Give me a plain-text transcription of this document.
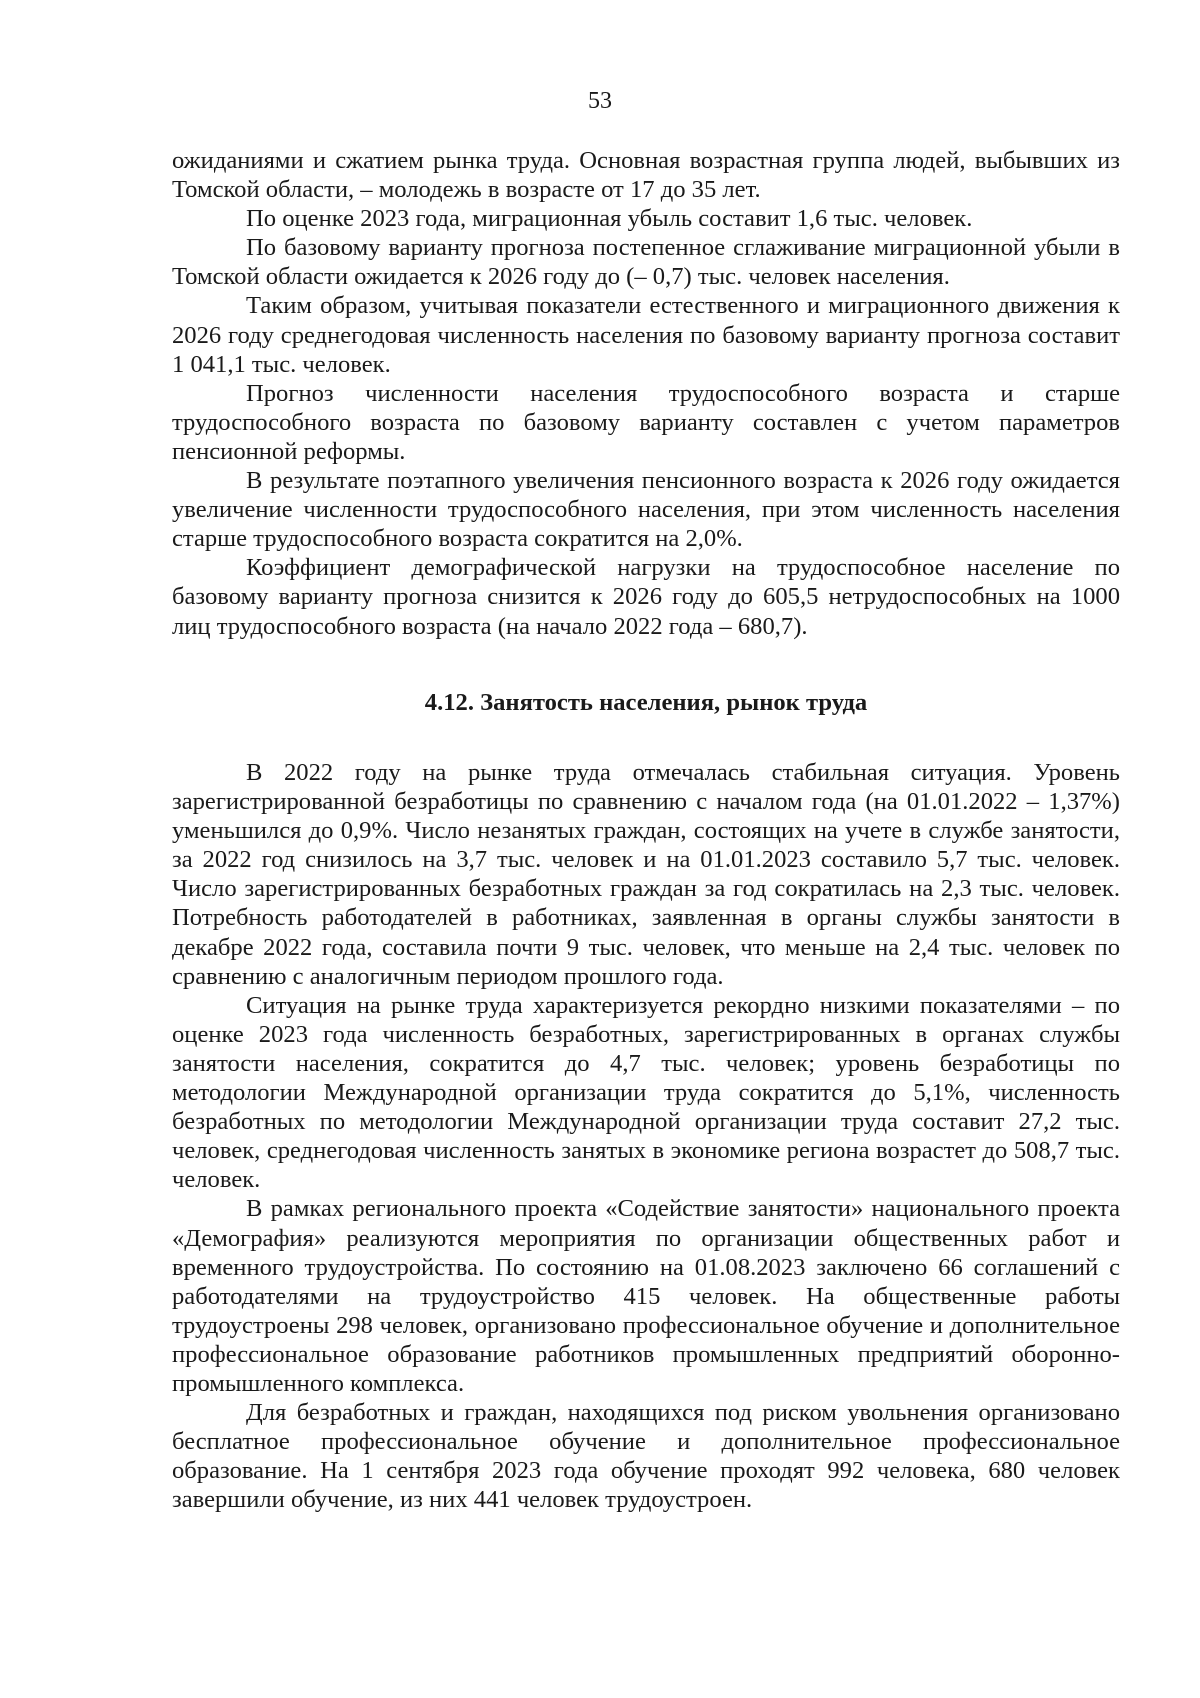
53

ожиданиями и сжатием рынка труда. Основная возрастная группа людей, выбывших из Томской области, – молодежь в возрасте от 17 до 35 лет.

По оценке 2023 года, миграционная убыль составит 1,6 тыс. человек.

По базовому варианту прогноза постепенное сглаживание миграционной убыли в Томской области ожидается к 2026 году до (– 0,7) тыс. человек населения.

Таким образом, учитывая показатели естественного и миграционного движения к 2026 году среднегодовая численность населения по базовому варианту прогноза составит 1 041,1 тыс. человек.

Прогноз численности населения трудоспособного возраста и старше трудоспособного возраста по базовому варианту составлен с учетом параметров пенсионной реформы.

В результате поэтапного увеличения пенсионного возраста к 2026 году ожидается увеличение численности трудоспособного населения, при этом численность населения старше трудоспособного возраста сократится на 2,0%.

Коэффициент демографической нагрузки на трудоспособное население по базовому варианту прогноза снизится к 2026 году до 605,5 нетрудоспособных на 1000 лиц трудоспособного возраста (на начало 2022 года – 680,7).

4.12. Занятость населения, рынок труда

В 2022 году на рынке труда отмечалась стабильная ситуация. Уровень зарегистрированной безработицы по сравнению с началом года (на 01.01.2022 – 1,37%) уменьшился до 0,9%. Число незанятых граждан, состоящих на учете в службе занятости, за 2022 год снизилось на 3,7 тыс. человек и на 01.01.2023 составило 5,7 тыс. человек. Число зарегистрированных безработных граждан за год сократилась на 2,3 тыс. человек. Потребность работодателей в работниках, заявленная в органы службы занятости в декабре 2022 года, составила почти 9 тыс. человек, что меньше на 2,4 тыс. человек по сравнению с аналогичным периодом прошлого года.

Ситуация на рынке труда характеризуется рекордно низкими показателями – по оценке 2023 года численность безработных, зарегистрированных в органах службы занятости населения, сократится до 4,7 тыс. человек; уровень безработицы по методологии Международной организации труда сократится до 5,1%, численность безработных по методологии Международной организации труда составит 27,2 тыс. человек, среднегодовая численность занятых в экономике региона возрастет до 508,7 тыс. человек.

В рамках регионального проекта «Содействие занятости» национального проекта «Демография» реализуются мероприятия по организации общественных работ и временного трудоустройства. По состоянию на 01.08.2023 заключено 66 соглашений с работодателями на трудоустройство 415 человек. На общественные работы трудоустроены 298 человек, организовано профессиональное обучение и дополнительное профессиональное образование работников промышленных предприятий оборонно-промышленного комплекса.

Для безработных и граждан, находящихся под риском увольнения организовано бесплатное профессиональное обучение и дополнительное профессиональное образование. На 1 сентября 2023 года обучение проходят 992 человека, 680 человек завершили обучение, из них 441 человек трудоустроен.
